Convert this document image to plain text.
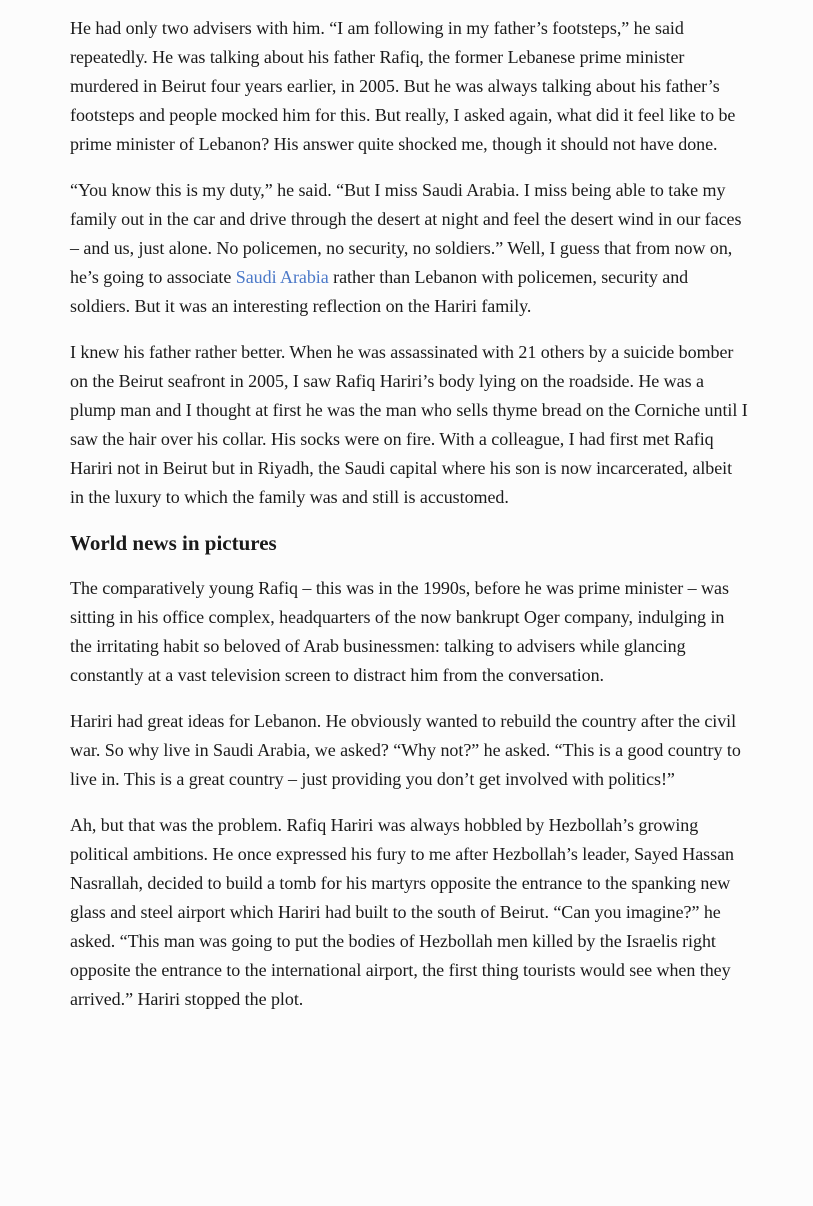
He had only two advisers with him. “I am following in my father’s footsteps,” he said repeatedly. He was talking about his father Rafiq, the former Lebanese prime minister murdered in Beirut four years earlier, in 2005. But he was always talking about his father’s footsteps and people mocked him for this. But really, I asked again, what did it feel like to be prime minister of Lebanon? His answer quite shocked me, though it should not have done.

“You know this is my duty,” he said. “But I miss Saudi Arabia. I miss being able to take my family out in the car and drive through the desert at night and feel the desert wind in our faces – and us, just alone. No policemen, no security, no soldiers.” Well, I guess that from now on, he’s going to associate Saudi Arabia rather than Lebanon with policemen, security and soldiers. But it was an interesting reflection on the Hariri family.

I knew his father rather better. When he was assassinated with 21 others by a suicide bomber on the Beirut seafront in 2005, I saw Rafiq Hariri’s body lying on the roadside. He was a plump man and I thought at first he was the man who sells thyme bread on the Corniche until I saw the hair over his collar. His socks were on fire. With a colleague, I had first met Rafiq Hariri not in Beirut but in Riyadh, the Saudi capital where his son is now incarcerated, albeit in the luxury to which the family was and still is accustomed.

World news in pictures

The comparatively young Rafiq – this was in the 1990s, before he was prime minister – was sitting in his office complex, headquarters of the now bankrupt Oger company, indulging in the irritating habit so beloved of Arab businessmen: talking to advisers while glancing constantly at a vast television screen to distract him from the conversation.

Hariri had great ideas for Lebanon. He obviously wanted to rebuild the country after the civil war. So why live in Saudi Arabia, we asked? “Why not?” he asked. “This is a good country to live in. This is a great country – just providing you don’t get involved with politics!”

Ah, but that was the problem. Rafiq Hariri was always hobbled by Hezbollah’s growing political ambitions. He once expressed his fury to me after Hezbollah’s leader, Sayed Hassan Nasrallah, decided to build a tomb for his martyrs opposite the entrance to the spanking new glass and steel airport which Hariri had built to the south of Beirut. “Can you imagine?” he asked. “This man was going to put the bodies of Hezbollah men killed by the Israelis right opposite the entrance to the international airport, the first thing tourists would see when they arrived.” Hariri stopped the plot.
